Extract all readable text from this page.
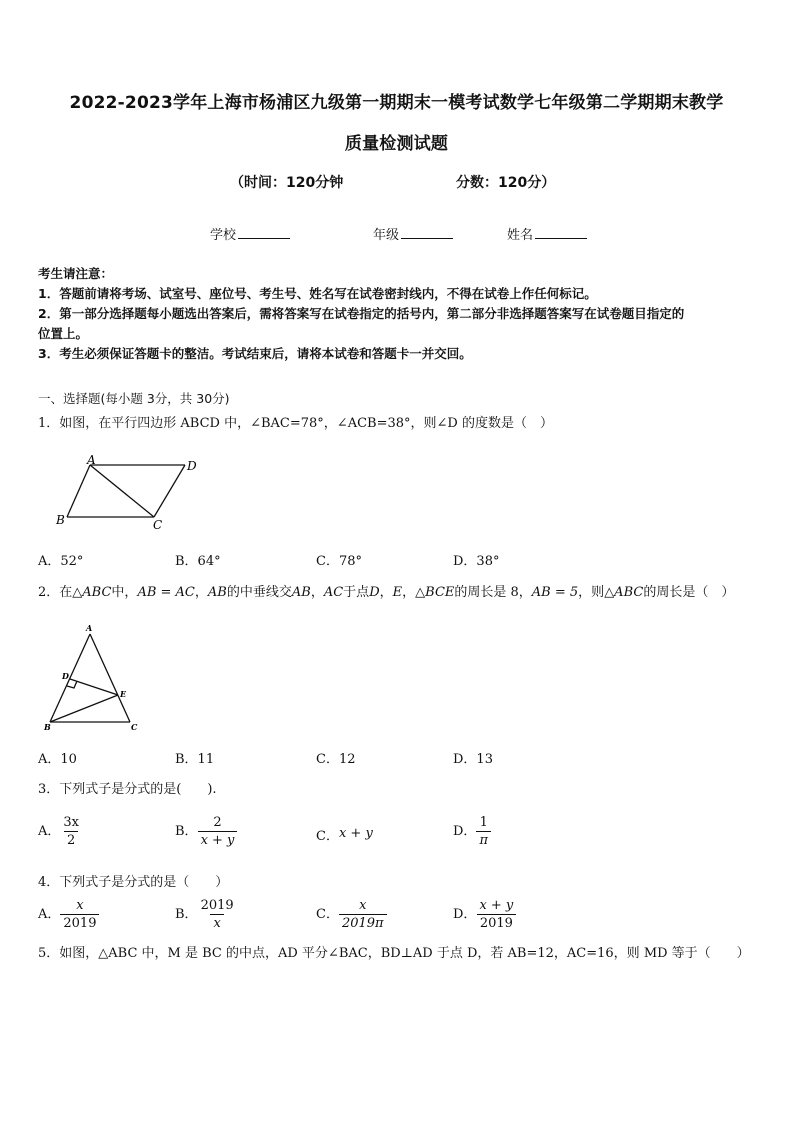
2022-2023学年上海市杨浦区九级第一期期末一模考试数学七年级第二学期期末教学
质量检测试题
（时间：120分钟	分数：120分）
学校	年级	姓名
考生请注意：
1．答题前请将考场、试室号、座位号、考生号、姓名写在试卷密封线内，不得在试卷上作任何标记。
2．第一部分选择题每小题选出答案后，需将答案写在试卷指定的括号内，第二部分非选择题答案写在试卷题目指定的
位置上。
3．考生必须保证答题卡的整洁。考试结束后，请将本试卷和答题卡一并交回。
一、选择题(每小题 3分，共 30分)
1．如图，在平行四边形 ABCD 中，∠BAC=78°，∠ACB=38°，则∠D 的度数是（　）
A	D
B	C
A．52°	B．64°	C．78°	D．38°
2．在△ABC中，AB = AC，AB的中垂线交AB，AC于点D，E，△BCE的周长是 8，AB = 5，则△ABC的周长是（　）
A
D
E
B	C
A．10	B．11	C．12	D．13
3．下列式子是分式的是(　　).
A． $\frac{3x}{2}$	B． $\frac{2}{x + y}$	C．x + y	D． $\frac{1}{\pi}$
4．下列式子是分式的是（　　）
A． $\frac{x}{2019}$	B． $\frac{2019}{x}$	C． $\frac{x}{2019\pi}$	D． $\frac{x + y}{2019}$
5．如图，△ABC 中，M 是 BC 的中点，AD 平分∠BAC，BD⊥AD 于点 D，若 AB=12，AC=16，则 MD 等于（　　）
